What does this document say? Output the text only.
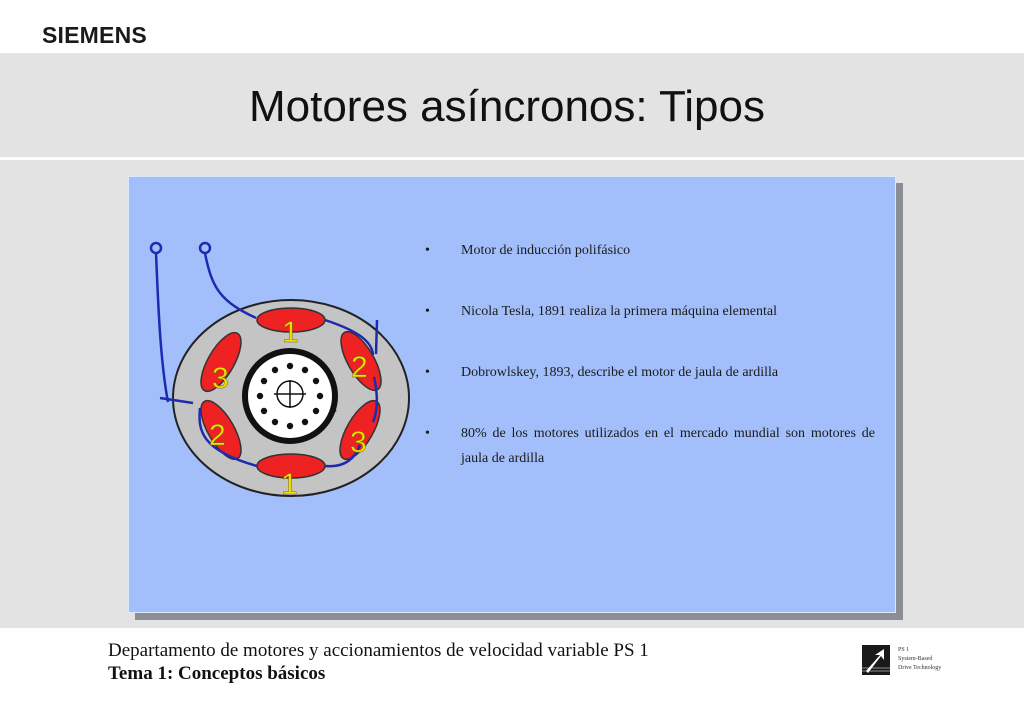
SIEMENS
Motores asíncronos: Tipos
1
2
3
3
2
1
• Motor de inducción polifásico
• Nicola Tesla, 1891 realiza la primera máquina elemental
• Dobrowlskey, 1893, describe el motor de jaula de ardilla
• 80% de los motores utilizados en el mercado mundial son motores de jaula de ardilla
Departamento de motores y accionamientos de velocidad variable PS 1
Tema 1: Conceptos básicos
PS 1
System-Based
Drive Technology
